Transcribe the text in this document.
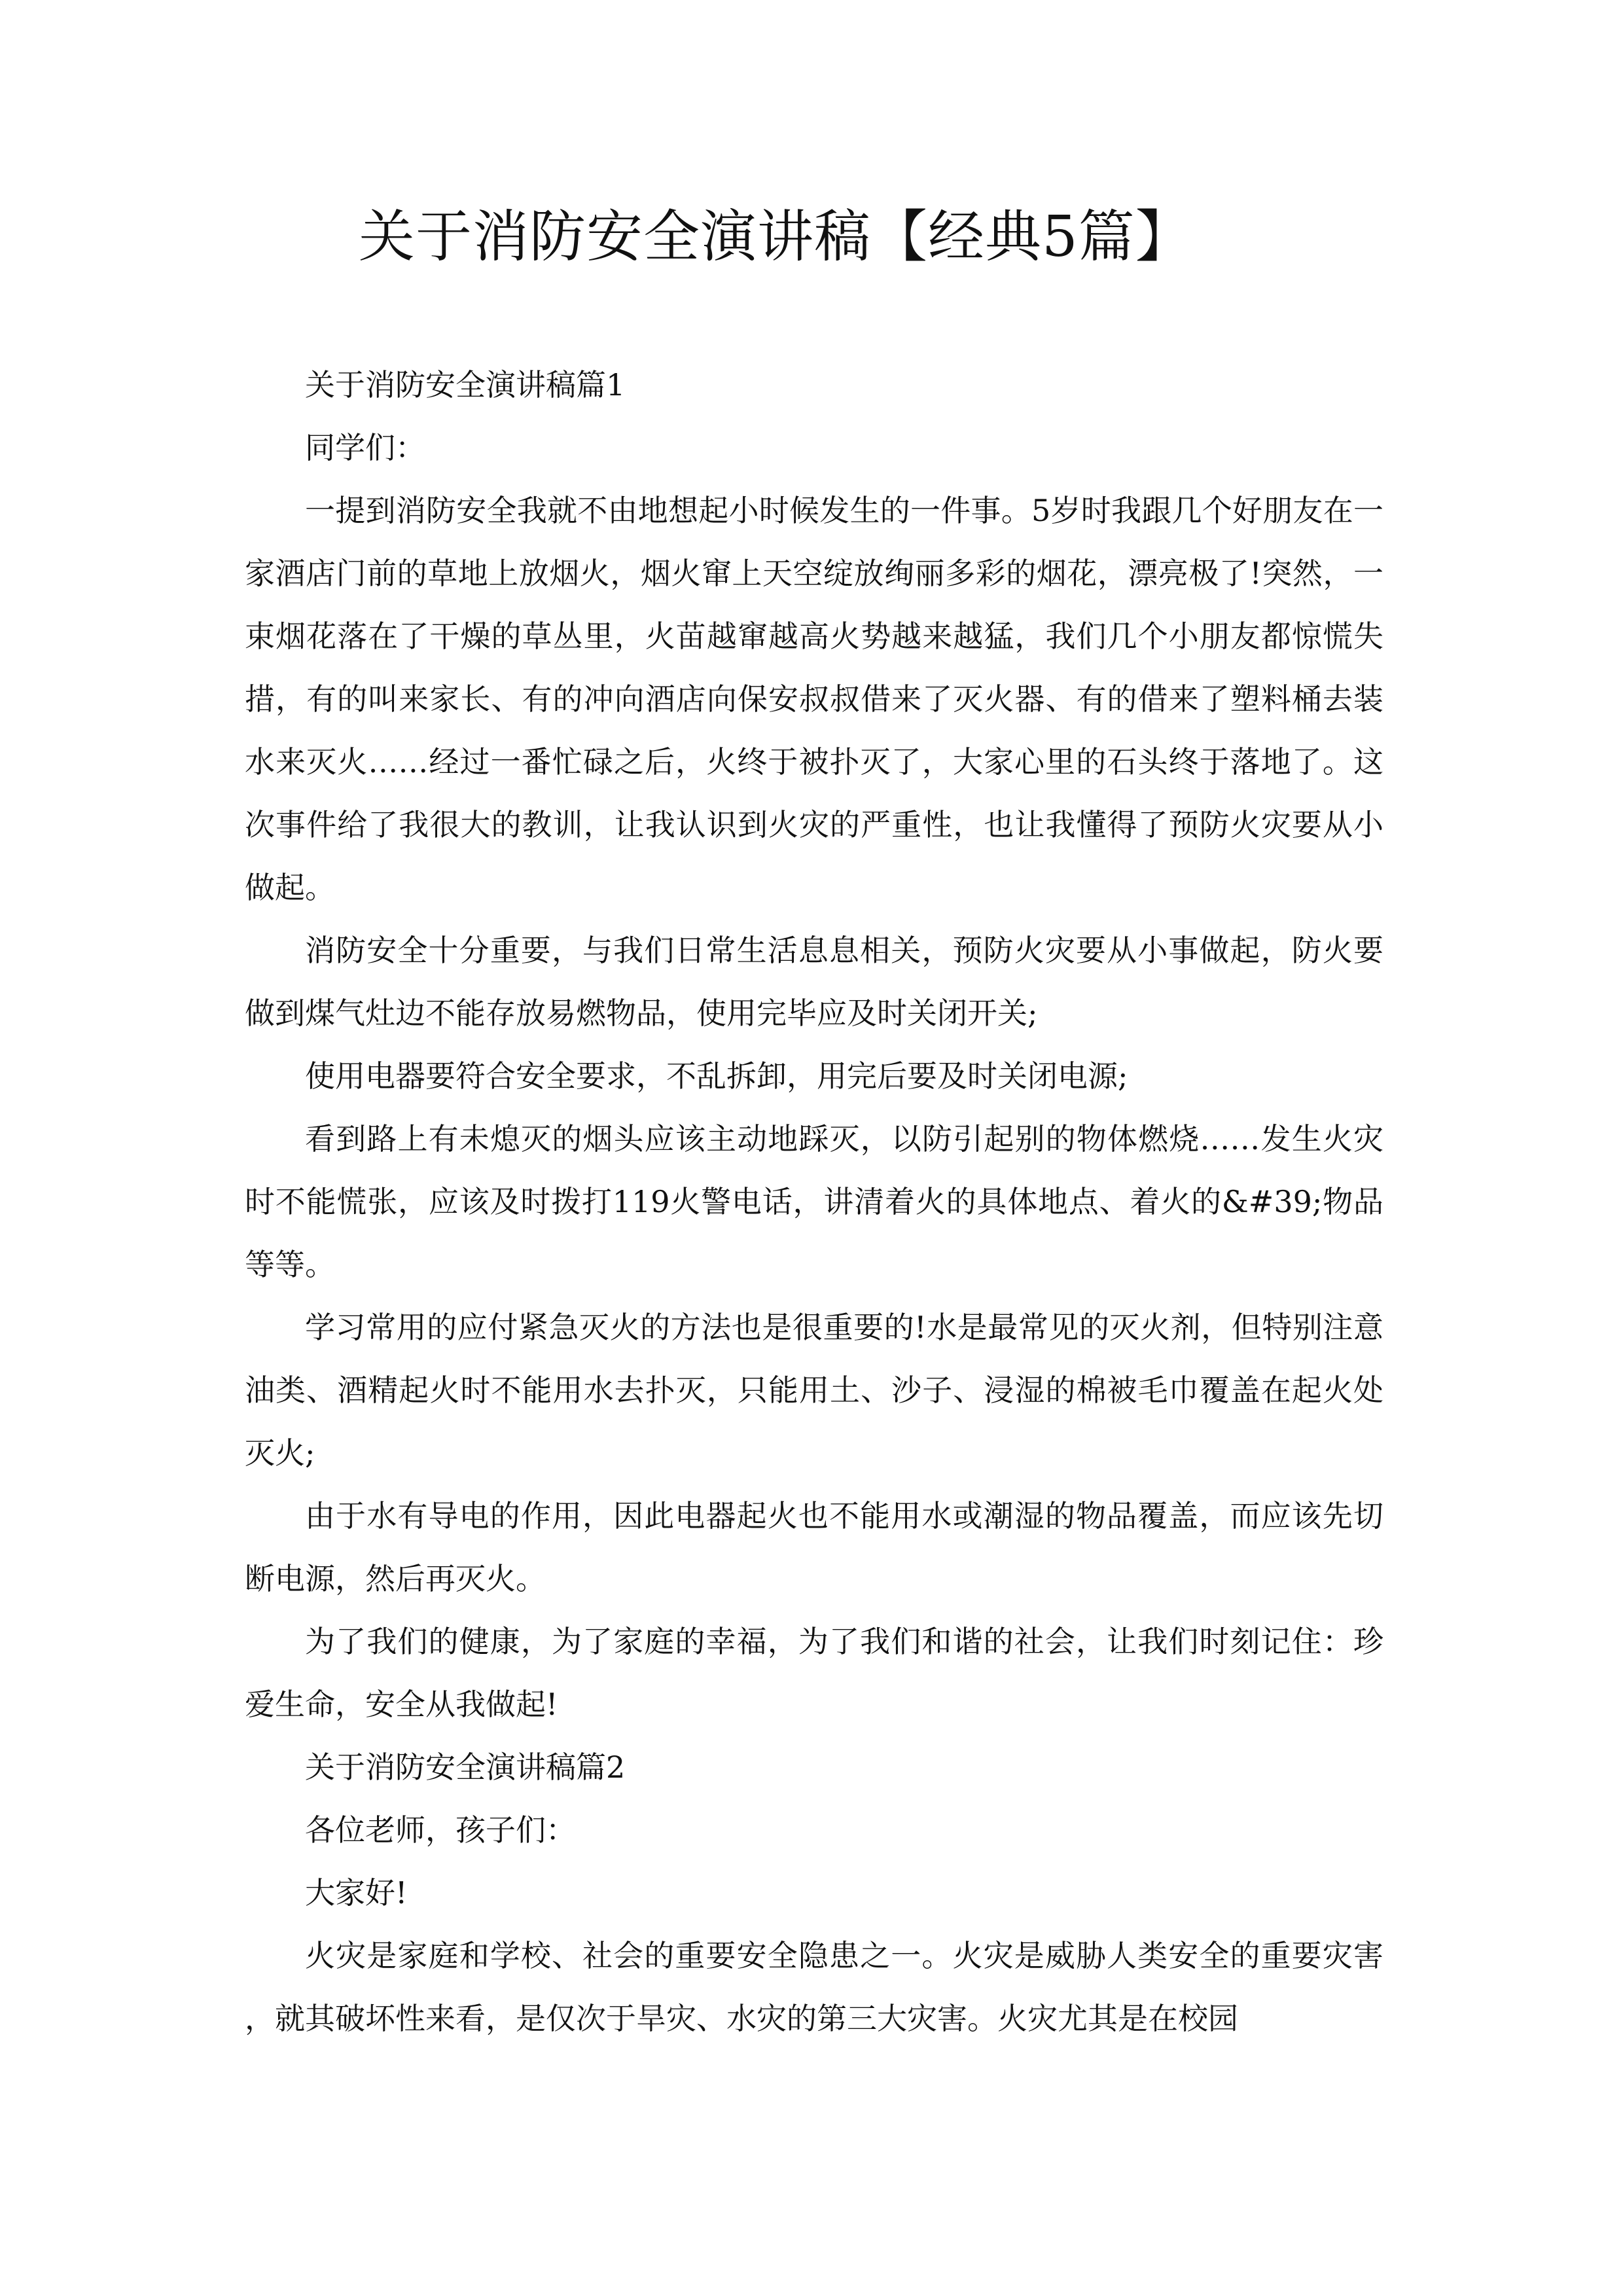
关于消防安全演讲稿【经典5篇】

关于消防安全演讲稿篇1

同学们：

一提到消防安全我就不由地想起小时候发生的一件事。5岁时我跟几个好朋友在一家酒店门前的草地上放烟火，烟火窜上天空绽放绚丽多彩的烟花，漂亮极了!突然，一束烟花落在了干燥的草丛里，火苗越窜越高火势越来越猛，我们几个小朋友都惊慌失措，有的叫来家长、有的冲向酒店向保安叔叔借来了灭火器、有的借来了塑料桶去装水来灭火……经过一番忙碌之后，火终于被扑灭了，大家心里的石头终于落地了。这次事件给了我很大的教训，让我认识到火灾的严重性，也让我懂得了预防火灾要从小做起。

消防安全十分重要，与我们日常生活息息相关，预防火灾要从小事做起，防火要做到煤气灶边不能存放易燃物品，使用完毕应及时关闭开关;

使用电器要符合安全要求，不乱拆卸，用完后要及时关闭电源;

看到路上有未熄灭的烟头应该主动地踩灭，以防引起别的物体燃烧……发生火灾时不能慌张，应该及时拨打119火警电话，讲清着火的具体地点、着火的&#39;物品等等。

学习常用的应付紧急灭火的方法也是很重要的!水是最常见的灭火剂，但特别注意油类、酒精起火时不能用水去扑灭，只能用土、沙子、浸湿的棉被毛巾覆盖在起火处灭火;

由于水有导电的作用，因此电器起火也不能用水或潮湿的物品覆盖，而应该先切断电源，然后再灭火。

为了我们的健康，为了家庭的幸福，为了我们和谐的社会，让我们时刻记住：珍爱生命，安全从我做起!

关于消防安全演讲稿篇2

各位老师，孩子们：

大家好!

火灾是家庭和学校、社会的重要安全隐患之一。火灾是威胁人类安全的重要灾害，就其破坏性来看，是仅次于旱灾、水灾的第三大灾害。火灾尤其是在校园
